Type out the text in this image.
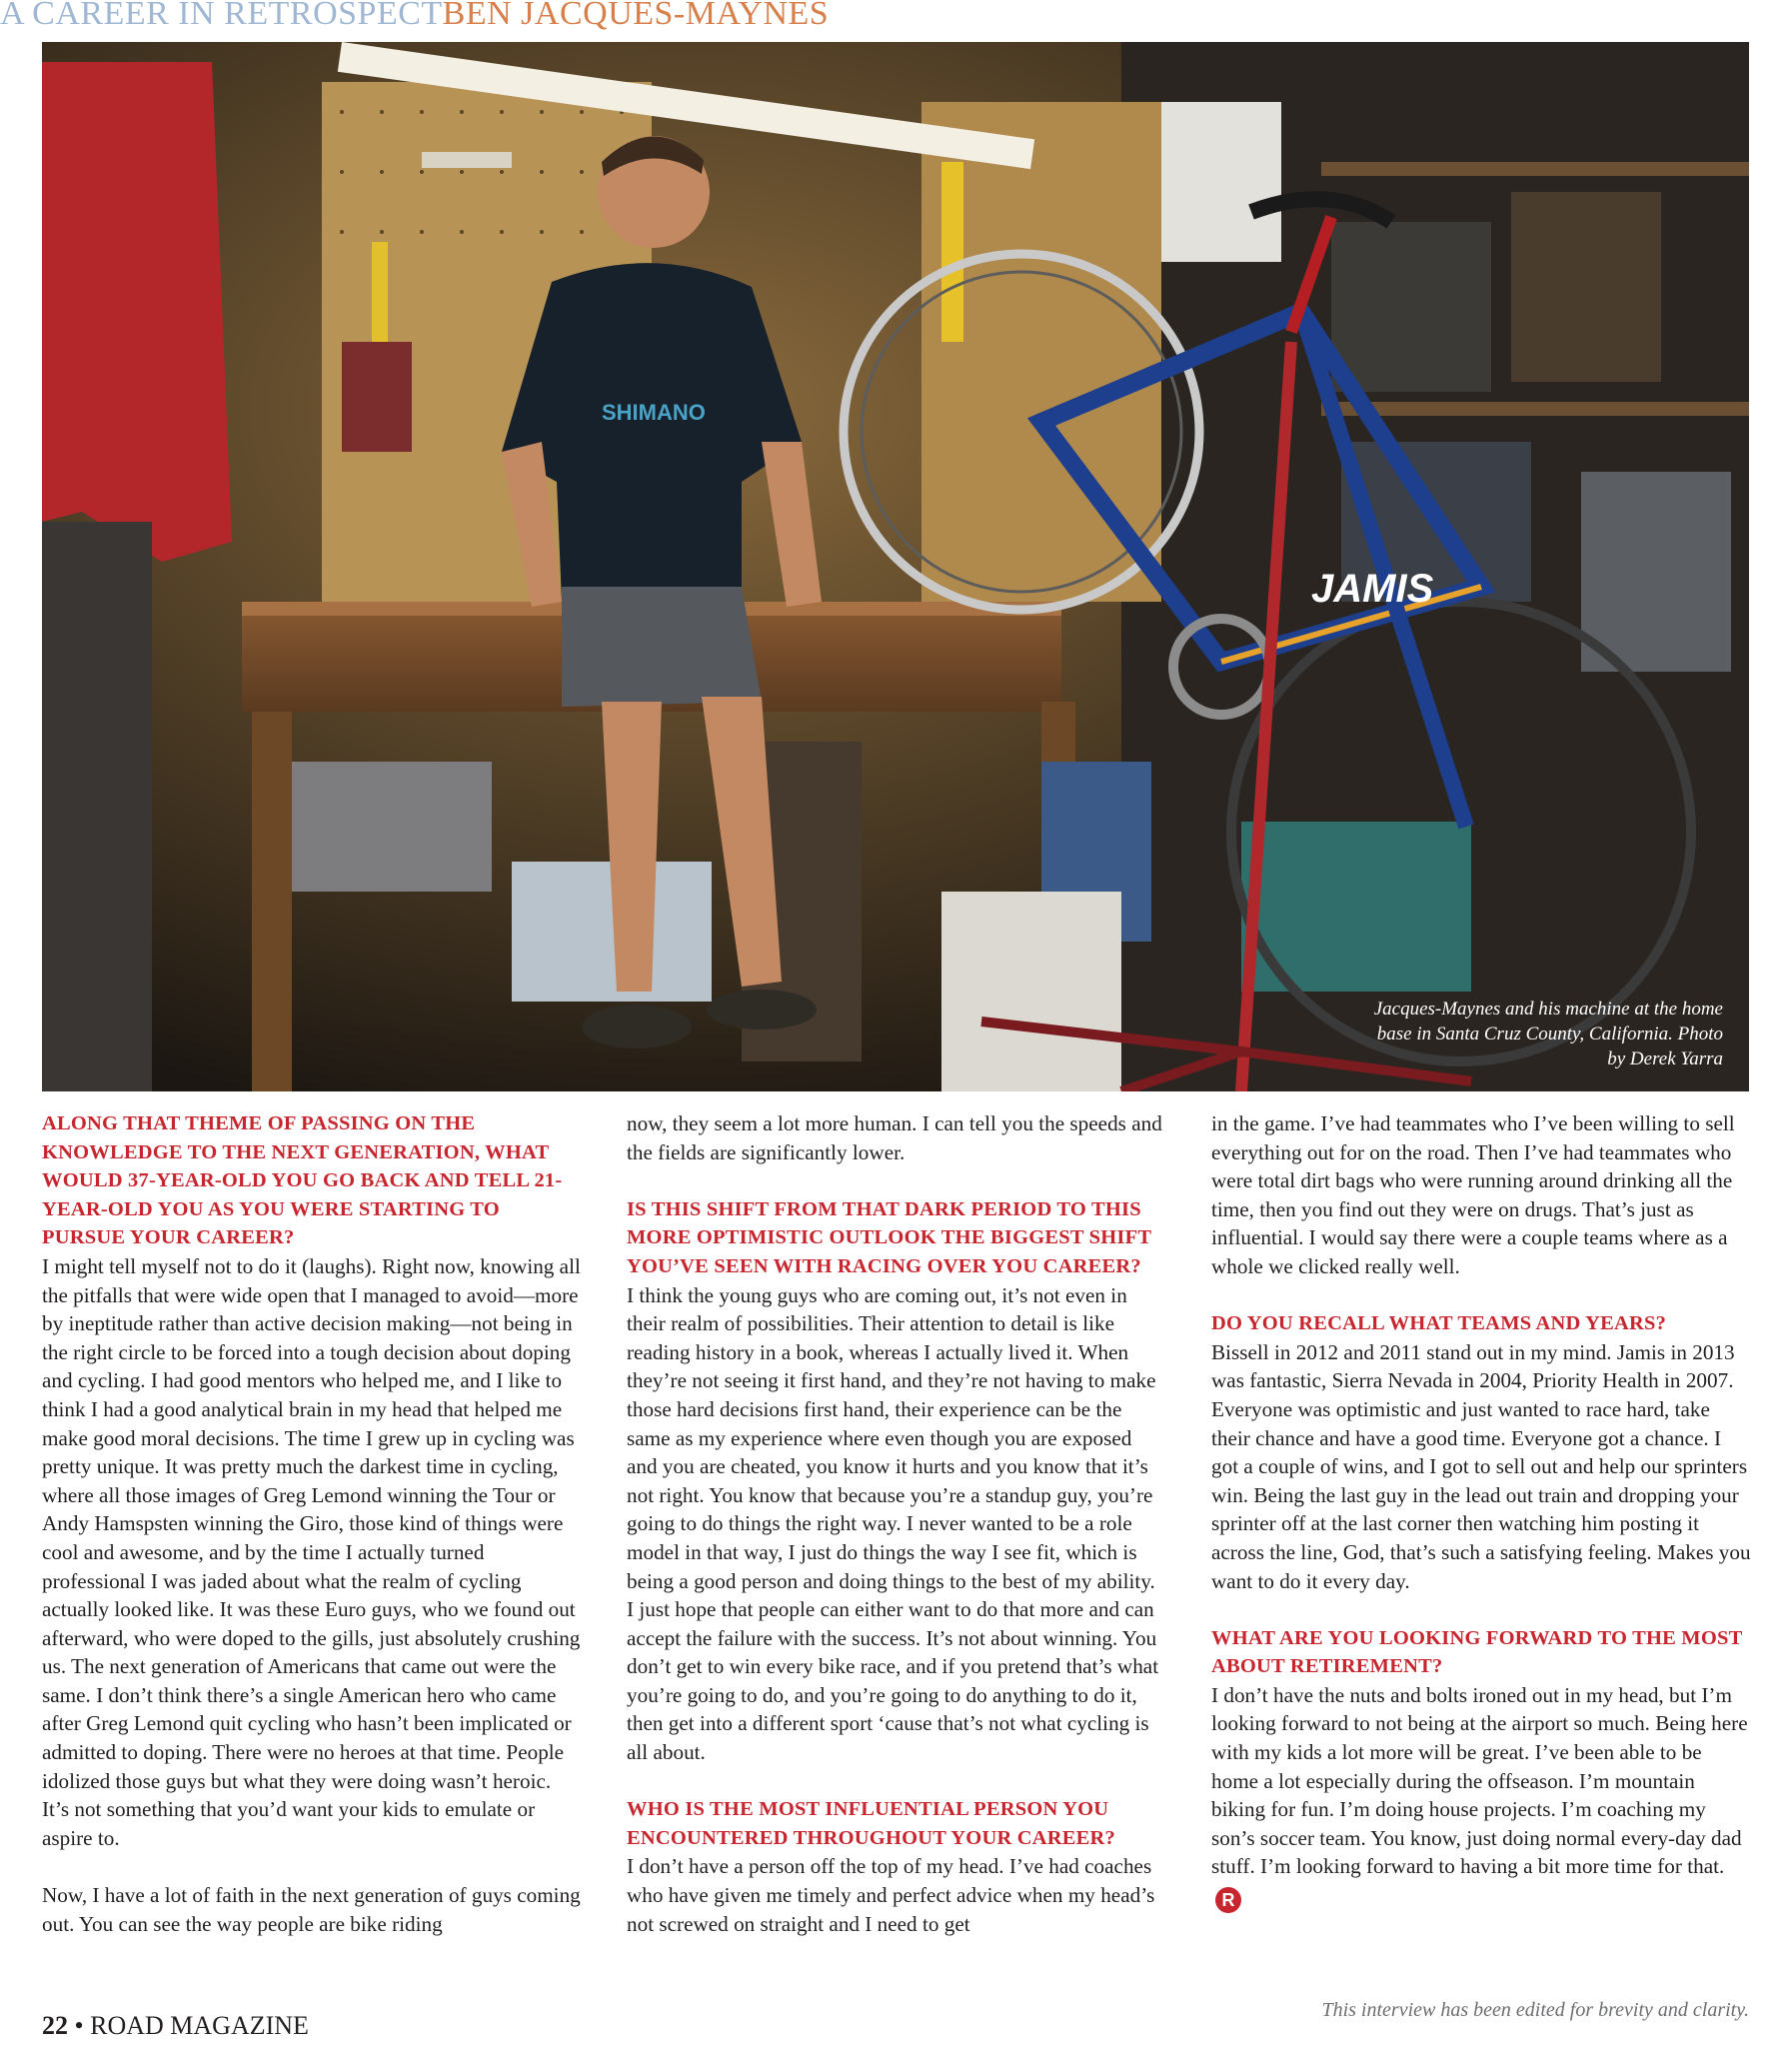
A CAREER IN RETROSPECTBEN JACQUES-MAYNES
SHIMANO
JAMIS
Jacques-Maynes and his machine at the home base in Santa Cruz County, California. Photo by Derek Yarra
ALONG THAT THEME OF PASSING ON THE KNOWLEDGE TO THE NEXT GENERATION, WHAT WOULD 37-YEAR-OLD YOU GO BACK AND TELL 21-YEAR-OLD YOU AS YOU WERE STARTING TO PURSUE YOUR CAREER?

I might tell myself not to do it (laughs). Right now, knowing all the pitfalls that were wide open that I managed to avoid—more by ineptitude rather than active decision making—not being in the right circle to be forced into a tough decision about doping and cycling. I had good mentors who helped me, and I like to think I had a good analytical brain in my head that helped me make good moral decisions. The time I grew up in cycling was pretty unique. It was pretty much the darkest time in cycling, where all those images of Greg Lemond winning the Tour or Andy Hamspsten winning the Giro, those kind of things were cool and awesome, and by the time I actually turned professional I was jaded about what the realm of cycling actually looked like. It was these Euro guys, who we found out afterward, who were doped to the gills, just absolutely crushing us. The next generation of Americans that came out were the same. I don’t think there’s a single American hero who came after Greg Lemond quit cycling who hasn’t been implicated or admitted to doping. There were no heroes at that time. People idolized those guys but what they were doing wasn’t heroic. It’s not something that you’d want your kids to emulate or aspire to.

Now, I have a lot of faith in the next generation of guys coming out. You can see the way people are bike riding

now, they seem a lot more human. I can tell you the speeds and the fields are significantly lower.

IS THIS SHIFT FROM THAT DARK PERIOD TO THIS MORE OPTIMISTIC OUTLOOK THE BIGGEST SHIFT YOU’VE SEEN WITH RACING OVER YOU CAREER?

I think the young guys who are coming out, it’s not even in their realm of possibilities. Their attention to detail is like reading history in a book, whereas I actually lived it. When they’re not seeing it first hand, and they’re not having to make those hard decisions first hand, their experience can be the same as my experience where even though you are exposed and you are cheated, you know it hurts and you know that it’s not right. You know that because you’re a standup guy, you’re going to do things the right way. I never wanted to be a role model in that way, I just do things the way I see fit, which is being a good person and doing things to the best of my ability. I just hope that people can either want to do that more and can accept the failure with the success. It’s not about winning. You don’t get to win every bike race, and if you pretend that’s what you’re going to do, and you’re going to do anything to do it, then get into a different sport ‘cause that’s not what cycling is all about.

WHO IS THE MOST INFLUENTIAL PERSON YOU ENCOUNTERED THROUGHOUT YOUR CAREER?

I don’t have a person off the top of my head. I’ve had coaches who have given me timely and perfect advice when my head’s not screwed on straight and I need to get

in the game. I’ve had teammates who I’ve been willing to sell everything out for on the road. Then I’ve had teammates who were total dirt bags who were running around drinking all the time, then you find out they were on drugs. That’s just as influential. I would say there were a couple teams where as a whole we clicked really well.

DO YOU RECALL WHAT TEAMS AND YEARS?

Bissell in 2012 and 2011 stand out in my mind. Jamis in 2013 was fantastic, Sierra Nevada in 2004, Priority Health in 2007. Everyone was optimistic and just wanted to race hard, take their chance and have a good time. Everyone got a chance. I got a couple of wins, and I got to sell out and help our sprinters win. Being the last guy in the lead out train and dropping your sprinter off at the last corner then watching him posting it across the line, God, that’s such a satisfying feeling. Makes you want to do it every day.

WHAT ARE YOU LOOKING FORWARD TO THE MOST ABOUT RETIREMENT?

I don’t have the nuts and bolts ironed out in my head, but I’m looking forward to not being at the airport so much. Being here with my kids a lot more will be great. I’ve been able to be home a lot especially during the offseason. I’m mountain biking for fun. I’m doing house projects. I’m coaching my son’s soccer team. You know, just doing normal every-day dad stuff. I’m looking forward to having a bit more time for that.R

This interview has been edited for brevity and clarity.
22 • ROAD MAGAZINE
